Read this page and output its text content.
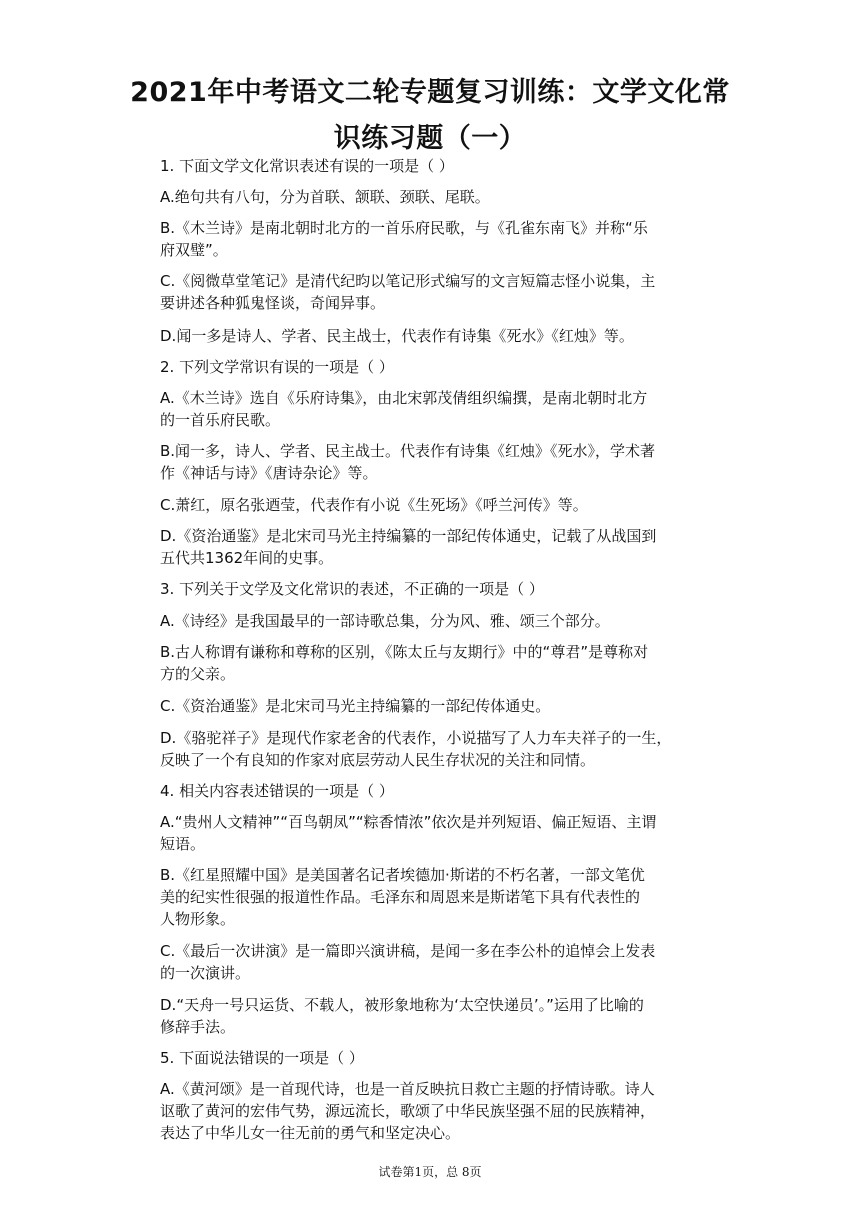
2021年中考语文二轮专题复习训练：文学文化常
识练习题（一）
1. 下面文学文化常识表述有误的一项是（ ）
A.绝句共有八句，分为首联、颔联、颈联、尾联。
B.《木兰诗》是南北朝时北方的一首乐府民歌，与《孔雀东南飞》并称“乐
府双璧”。
C.《阅微草堂笔记》是清代纪昀以笔记形式编写的文言短篇志怪小说集，主
要讲述各种狐鬼怪谈，奇闻异事。
D.闻一多是诗人、学者、民主战士，代表作有诗集《死水》《红烛》等。
2. 下列文学常识有误的一项是（ ）
A.《木兰诗》选自《乐府诗集》，由北宋郭茂倩组织编撰，是南北朝时北方
的一首乐府民歌。
B.闻一多，诗人、学者、民主战士。代表作有诗集《红烛》《死水》，学术著
作《神话与诗》《唐诗杂论》等。
C.萧红，原名张迺莹，代表作有小说《生死场》《呼兰河传》等。
D.《资治通鉴》是北宋司马光主持编纂的一部纪传体通史，记载了从战国到
五代共1362年间的史事。
3. 下列关于文学及文化常识的表述，不正确的一项是（ ）
A.《诗经》是我国最早的一部诗歌总集，分为风、雅、颂三个部分。
B.古人称谓有谦称和尊称的区别，《陈太丘与友期行》中的“尊君”是尊称对
方的父亲。
C.《资治通鉴》是北宋司马光主持编纂的一部纪传体通史。
D.《骆驼祥子》是现代作家老舍的代表作，小说描写了人力车夫祥子的一生，
反映了一个有良知的作家对底层劳动人民生存状况的关注和同情。
4. 相关内容表述错误的一项是（ ）
A.“贵州人文精神”“百鸟朝凤”“粽香情浓”依次是并列短语、偏正短语、主谓
短语。
B.《红星照耀中国》是美国著名记者埃德加·斯诺的不朽名著，一部文笔优
美的纪实性很强的报道性作品。毛泽东和周恩来是斯诺笔下具有代表性的
人物形象。
C.《最后一次讲演》是一篇即兴演讲稿，是闻一多在李公朴的追悼会上发表
的一次演讲。
D.“天舟一号只运货、不载人，被形象地称为‘太空快递员’。”运用了比喻的
修辞手法。
5. 下面说法错误的一项是（ ）
A.《黄河颂》是一首现代诗，也是一首反映抗日救亡主题的抒情诗歌。诗人
讴歌了黄河的宏伟气势，源远流长，歌颂了中华民族坚强不屈的民族精神，
表达了中华儿女一往无前的勇气和坚定决心。
试卷第1页，总 8页
